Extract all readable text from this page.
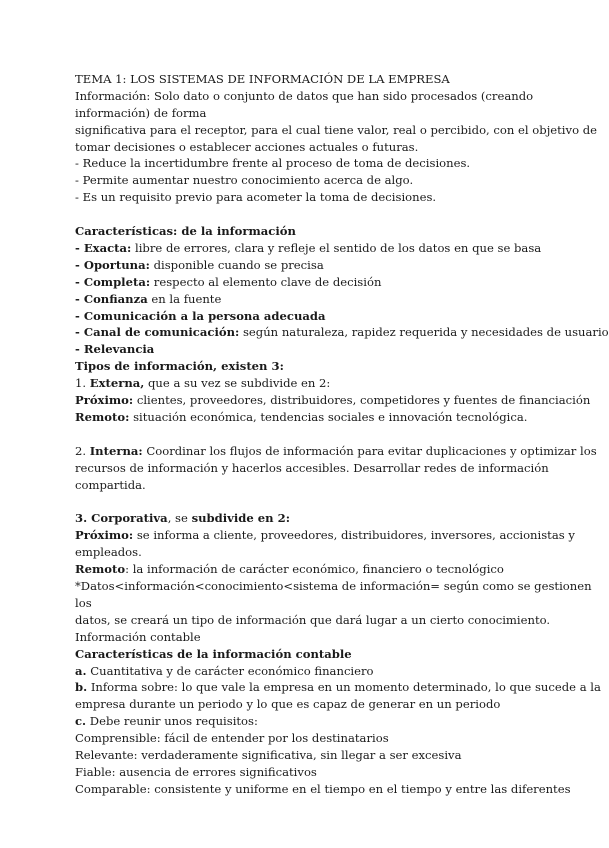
TEMA 1: LOS SISTEMAS DE INFORMACIÓN DE LA EMPRESA
Información: Solo dato o conjunto de datos que han sido procesados (creando
información) de forma
significativa para el receptor, para el cual tiene valor, real o percibido, con el objetivo de
tomar decisiones o establecer acciones actuales o futuras.
- Reduce la incertidumbre frente al proceso de toma de decisiones.
- Permite aumentar nuestro conocimiento acerca de algo.
- Es un requisito previo para acometer la toma de decisiones.
Características: de la información
- Exacta: libre de errores, clara y refleje el sentido de los datos en que se basa
- Oportuna: disponible cuando se precisa
- Completa: respecto al elemento clave de decisión
- Confianza en la fuente
- Comunicación a la persona adecuada
- Canal de comunicación: según naturaleza, rapidez requerida y necesidades de usuario
- Relevancia
Tipos de información, existen 3:
1. Externa, que a su vez se subdivide en 2:
Próximo: clientes, proveedores, distribuidores, competidores y fuentes de financiación
Remoto: situación económica, tendencias sociales e innovación tecnológica.
2. Interna: Coordinar los flujos de información para evitar duplicaciones y optimizar los
recursos de información y hacerlos accesibles. Desarrollar redes de información
compartida.
3. Corporativa, se subdivide en 2:
Próximo: se informa a cliente, proveedores, distribuidores, inversores, accionistas y
empleados.
Remoto: la información de carácter económico, financiero o tecnológico
*Datos<información<conocimiento<sistema de información= según como se gestionen
los
datos, se creará un tipo de información que dará lugar a un cierto conocimiento.
Información contable
Características de la información contable
a. Cuantitativa y de carácter económico financiero
b. Informa sobre: lo que vale la empresa en un momento determinado, lo que sucede a la
empresa durante un periodo y lo que es capaz de generar en un periodo
c. Debe reunir unos requisitos:
Comprensible: fácil de entender por los destinatarios
Relevante: verdaderamente significativa, sin llegar a ser excesiva
Fiable: ausencia de errores significativos
Comparable: consistente y uniforme en el tiempo en el tiempo y entre las diferentes
